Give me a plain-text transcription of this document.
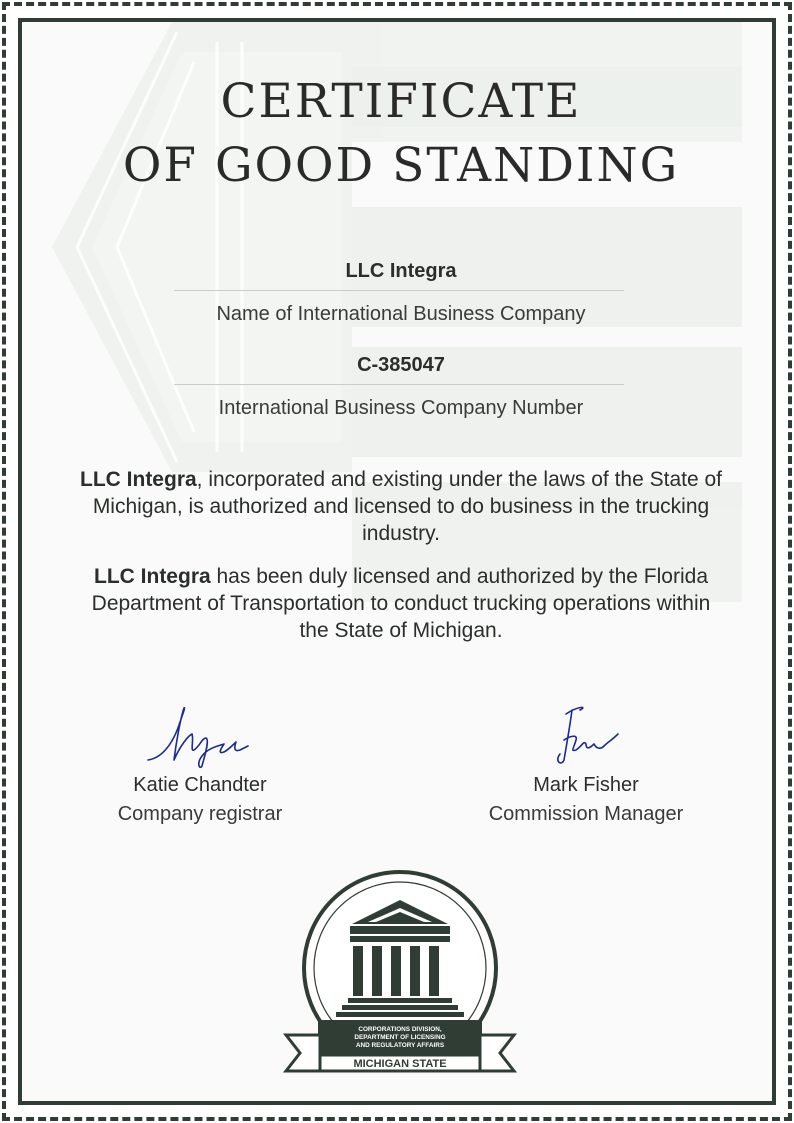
CERTIFICATE
OF GOOD STANDING
LLC Integra
Name of International Business Company
C-385047
International Business Company Number
LLC Integra, incorporated and existing under the laws of the State of Michigan, is authorized and licensed to do business in the trucking industry.
LLC Integra has been duly licensed and authorized by the Florida Department of Transportation to conduct trucking operations within the State of Michigan.
Katie Chandter
Company registrar
Mark Fisher
Commission Manager
CORPORATIONS DIVISION,
DEPARTMENT OF LICENSING
AND REGULATORY AFFAIRS
MICHIGAN STATE
